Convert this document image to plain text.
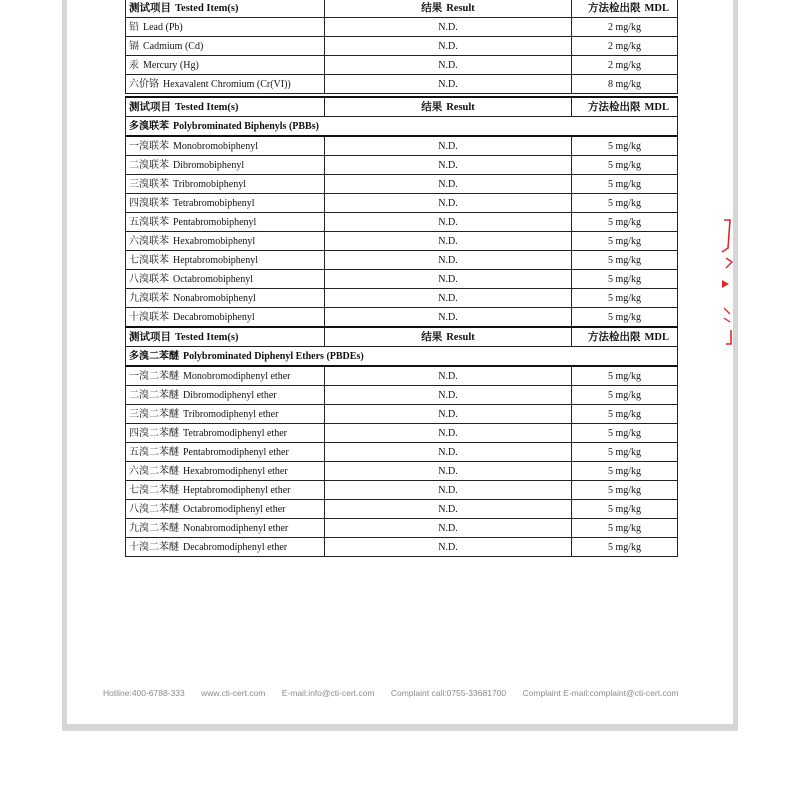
测试项目 Tested Item(s)	结果 Result	方法检出限 MDL
铅 Lead (Pb)	N.D.	2 mg/kg
镉 Cadmium (Cd)	N.D.	2 mg/kg
汞 Mercury (Hg)	N.D.	2 mg/kg
六价铬 Hexavalent Chromium (Cr(VI))	N.D.	8 mg/kg
测试项目 Tested Item(s)	结果 Result	方法检出限 MDL
多溴联苯 Polybrominated Biphenyls (PBBs)		
一溴联苯 Monobromobiphenyl	N.D.	5 mg/kg
二溴联苯 Dibromobiphenyl	N.D.	5 mg/kg
三溴联苯 Tribromobiphenyl	N.D.	5 mg/kg
四溴联苯 Tetrabromobiphenyl	N.D.	5 mg/kg
五溴联苯 Pentabromobiphenyl	N.D.	5 mg/kg
六溴联苯 Hexabromobiphenyl	N.D.	5 mg/kg
七溴联苯 Heptabromobiphenyl	N.D.	5 mg/kg
八溴联苯 Octabromobiphenyl	N.D.	5 mg/kg
九溴联苯 Nonabromobiphenyl	N.D.	5 mg/kg
十溴联苯 Decabromobiphenyl	N.D.	5 mg/kg
测试项目 Tested Item(s)	结果 Result	方法检出限 MDL
多溴二苯醚 Polybrominated Diphenyl Ethers (PBDEs)		
一溴二苯醚 Monobromodiphenyl ether	N.D.	5 mg/kg
二溴二苯醚 Dibromodiphenyl ether	N.D.	5 mg/kg
三溴二苯醚 Tribromodiphenyl ether	N.D.	5 mg/kg
四溴二苯醚 Tetrabromodiphenyl ether	N.D.	5 mg/kg
五溴二苯醚 Pentabromodiphenyl ether	N.D.	5 mg/kg
六溴二苯醚 Hexabromodiphenyl ether	N.D.	5 mg/kg
七溴二苯醚 Heptabromodiphenyl ether	N.D.	5 mg/kg
八溴二苯醚 Octabromodiphenyl ether	N.D.	5 mg/kg
九溴二苯醚 Nonabromodiphenyl ether	N.D.	5 mg/kg
十溴二苯醚 Decabromodiphenyl ether	N.D.	5 mg/kg
Hotline:400-6788-333 www.cti-cert.com E-mail:info@cti-cert.com Complaint call:0755-33681700 Complaint E-mail:complaint@cti-cert.com
